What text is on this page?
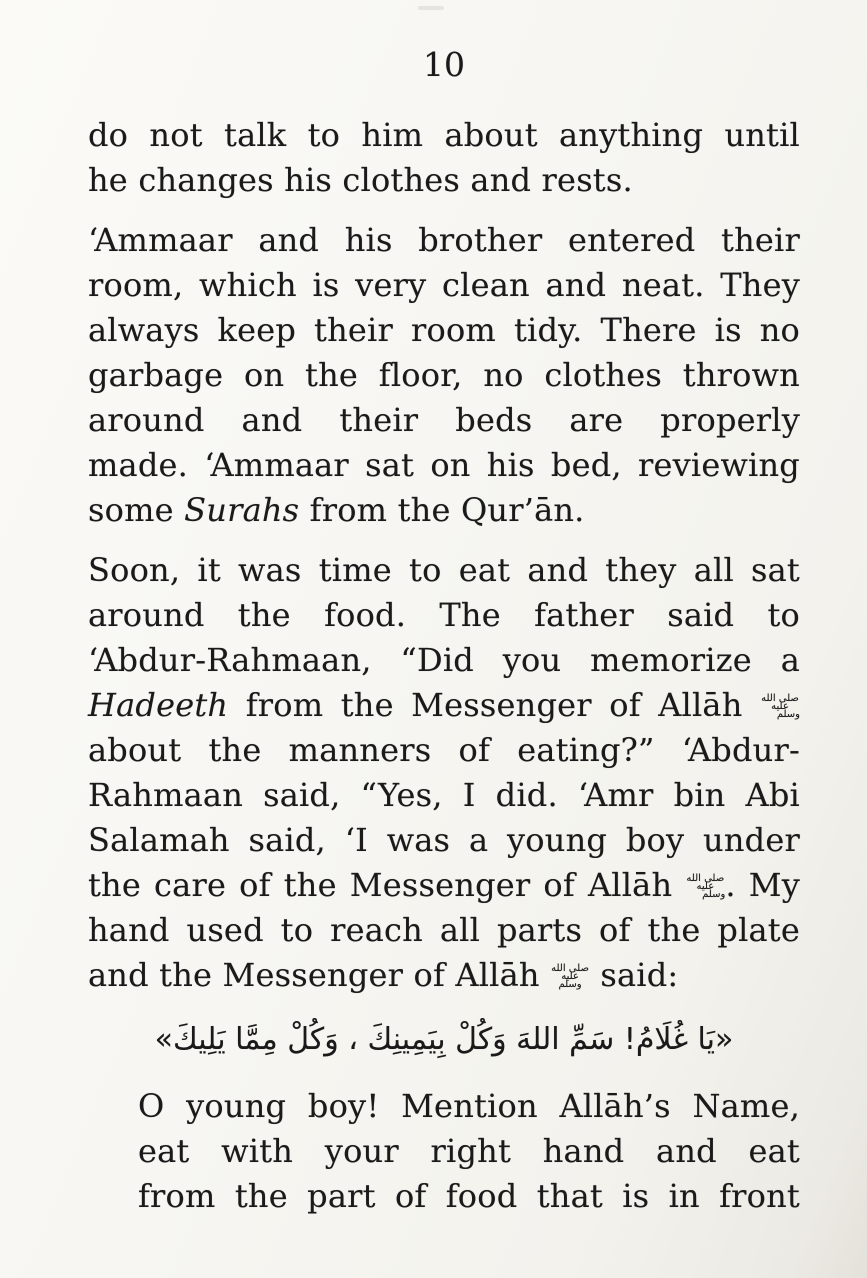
10
do not talk to him about anything until
he changes his clothes and rests.
‘Ammaar and his brother entered their
room, which is very clean and neat. They
always keep their room tidy. There is no
garbage on the floor, no clothes thrown
around and their beds are properly
made. ‘Ammaar sat on his bed, reviewing
some Surahs from the Qur’ān.
Soon, it was time to eat and they all sat
around the food. The father said to
‘Abdur-Rahmaan, “Did you memorize a
Hadeeth from the Messenger of Allāh صلى الله عليه وسلم
about the manners of eating?” ‘Abdur-
Rahmaan said, “Yes, I did. ‘Amr bin Abi
Salamah said, ‘I was a young boy under
the care of the Messenger of Allāh صلى الله عليه وسلم. My
hand used to reach all parts of the plate
and the Messenger of Allāh صلى الله عليه وسلم said:
«يَا غُلَامُ! سَمِّ اللهَ وَكُلْ بِيَمِينِكَ ، وَكُلْ مِمَّا يَلِيكَ»
O young boy! Mention Allāh’s Name,
eat with your right hand and eat
from the part of food that is in front
